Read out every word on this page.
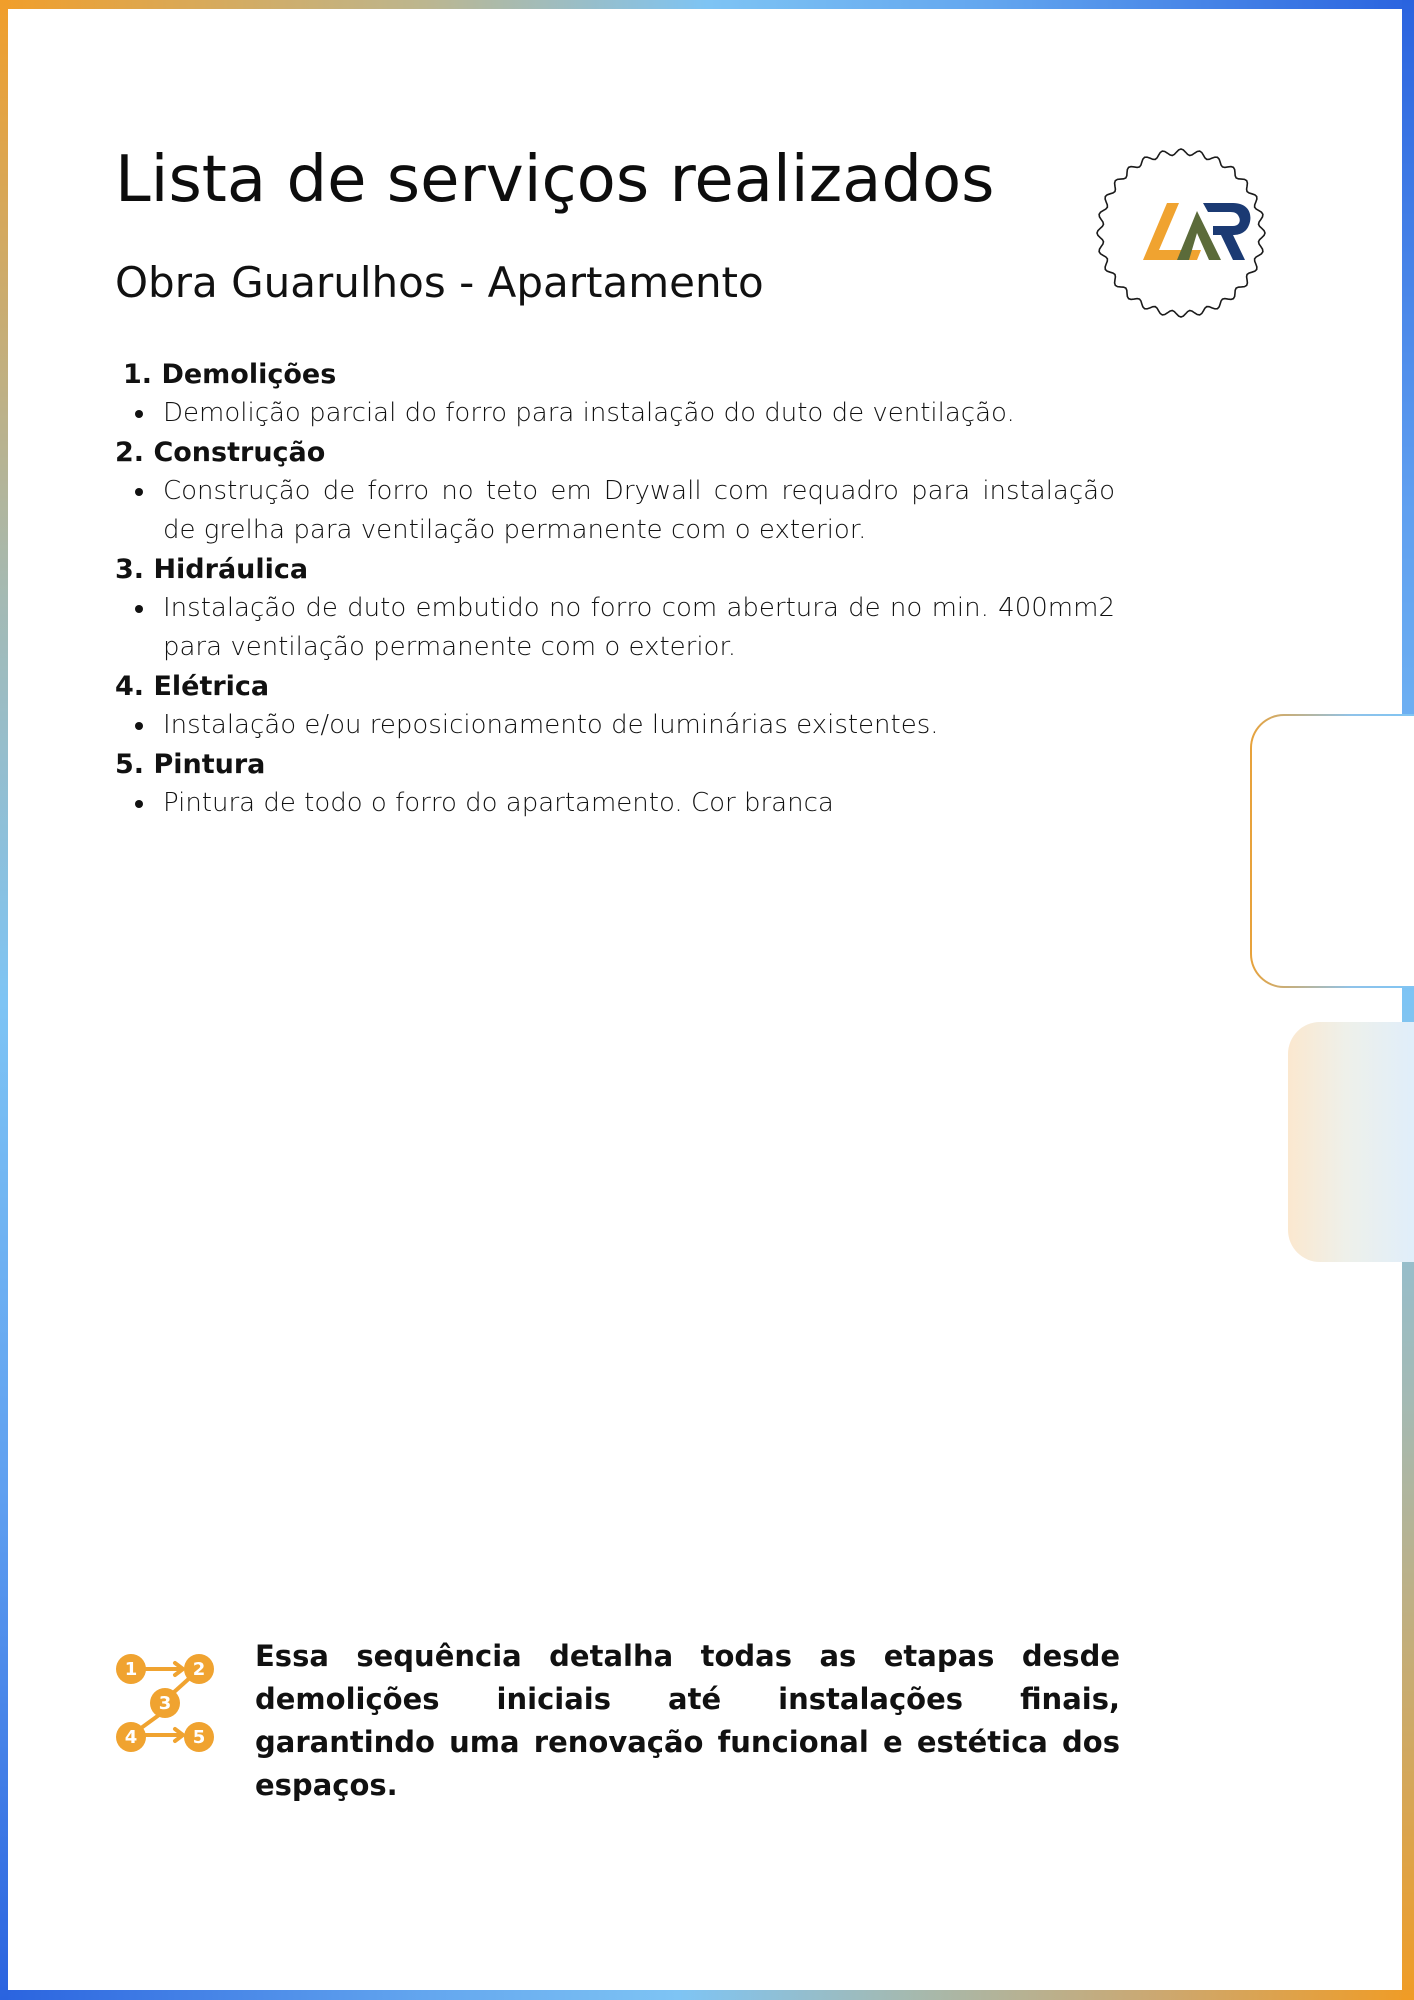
Lista de serviços realizados
Obra Guarulhos - Apartamento

1. Demolições

Demolição parcial do forro para instalação do duto de ventilação.

2. Construção

Construção de forro no teto em Drywall com requadro para instalação de grelha para ventilação permanente com o exterior.

3. Hidráulica

Instalação de duto embutido no forro com abertura de no min. 400mm2 para ventilação permanente com o exterior.

4. Elétrica

Instalação e/ou reposicionamento de luminárias existentes.

5. Pintura

Pintura de todo o forro do apartamento. Cor branca
1	2
3
4	5

Essa sequência detalha todas as etapas desde demolições iniciais até instalações finais, garantindo uma renovação funcional e estética dos espaços.
